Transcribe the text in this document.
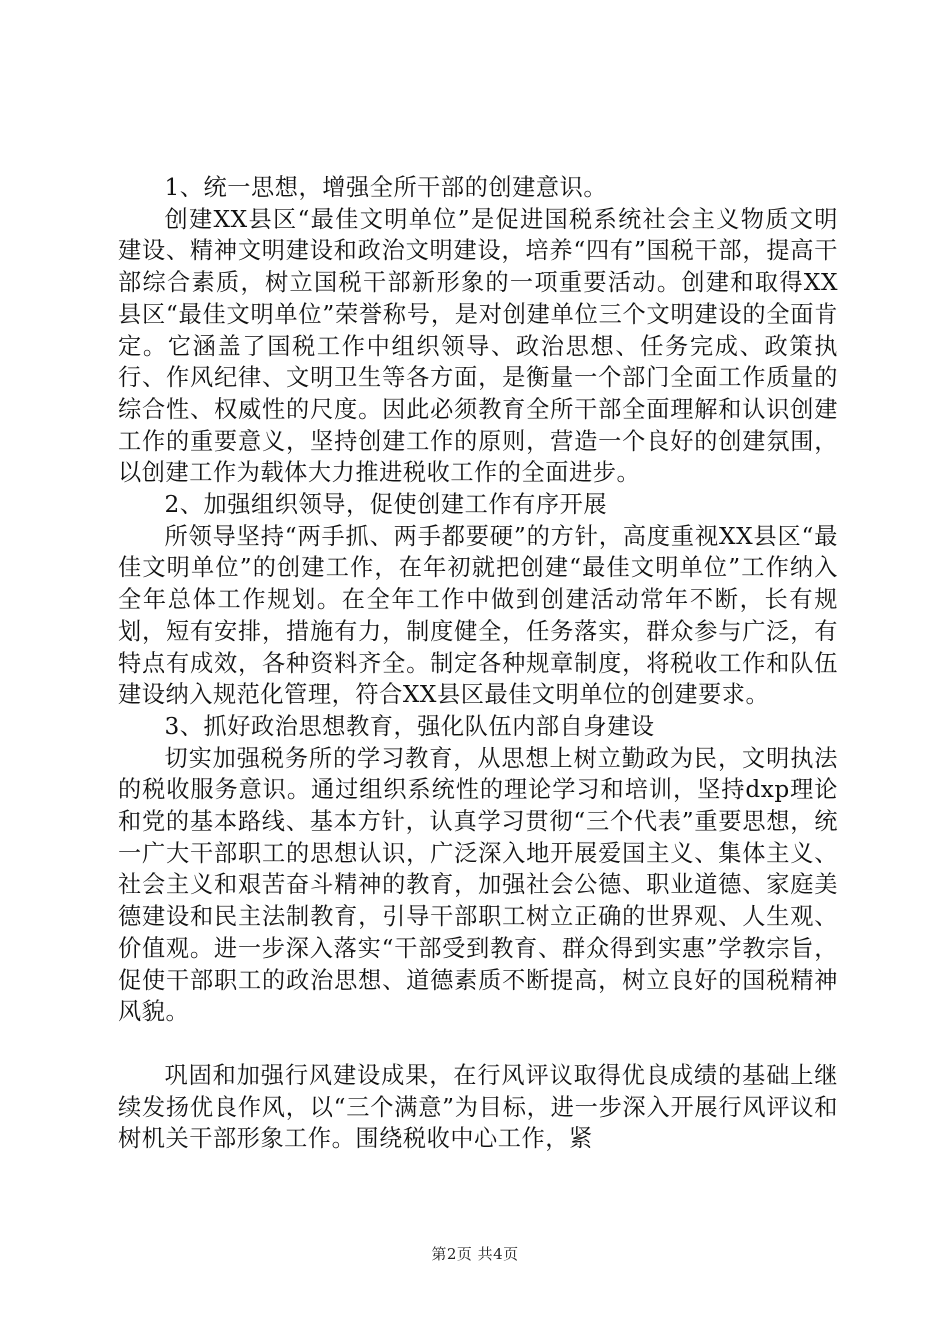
1、统一思想，增强全所干部的创建意识。

创建XX县区“最佳文明单位”是促进国税系统社会主义物质文明建设、精神文明建设和政治文明建设，培养“四有”国税干部，提高干部综合素质，树立国税干部新形象的一项重要活动。创建和取得XX县区“最佳文明单位”荣誉称号，是对创建单位三个文明建设的全面肯定。它涵盖了国税工作中组织领导、政治思想、任务完成、政策执行、作风纪律、文明卫生等各方面，是衡量一个部门全面工作质量的综合性、权威性的尺度。因此必须教育全所干部全面理解和认识创建工作的重要意义，坚持创建工作的原则，营造一个良好的创建氛围，以创建工作为载体大力推进税收工作的全面进步。

2、加强组织领导，促使创建工作有序开展

所领导坚持“两手抓、两手都要硬”的方针，高度重视XX县区“最佳文明单位”的创建工作，在年初就把创建“最佳文明单位”工作纳入全年总体工作规划。在全年工作中做到创建活动常年不断，长有规划，短有安排，措施有力，制度健全，任务落实，群众参与广泛，有特点有成效，各种资料齐全。制定各种规章制度，将税收工作和队伍建设纳入规范化管理，符合XX县区最佳文明单位的创建要求。

3、抓好政治思想教育，强化队伍内部自身建设

切实加强税务所的学习教育，从思想上树立勤政为民，文明执法的税收服务意识。通过组织系统性的理论学习和培训，坚持dxp理论和党的基本路线、基本方针，认真学习贯彻“三个代表”重要思想，统一广大干部职工的思想认识，广泛深入地开展爱国主义、集体主义、社会主义和艰苦奋斗精神的教育，加强社会公德、职业道德、家庭美德建设和民主法制教育，引导干部职工树立正确的世界观、人生观、价值观。进一步深入落实“干部受到教育、群众得到实惠”学教宗旨，促使干部职工的政治思想、道德素质不断提高，树立良好的国税精神风貌。

巩固和加强行风建设成果，在行风评议取得优良成绩的基础上继续发扬优良作风，以“三个满意”为目标，进一步深入开展行风评议和树机关干部形象工作。围绕税收中心工作，紧

第2页 共4页
